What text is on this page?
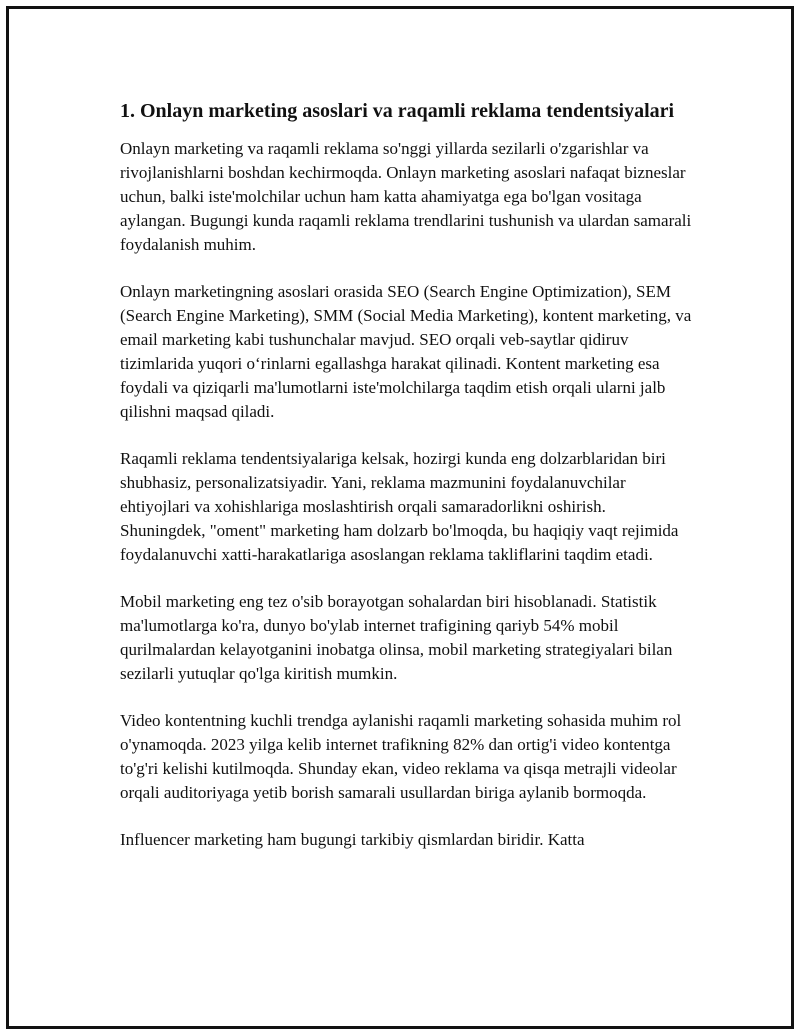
1. Onlayn marketing asoslari va raqamli reklama tendentsiyalari

Onlayn marketing va raqamli reklama so'nggi yillarda sezilarli o'zgarishlar va rivojlanishlarni boshdan kechirmoqda. Onlayn marketing asoslari nafaqat bizneslar uchun, balki iste'molchilar uchun ham katta ahamiyatga ega bo'lgan vositaga aylangan. Bugungi kunda raqamli reklama trendlarini tushunish va ulardan samarali foydalanish muhim.

Onlayn marketingning asoslari orasida SEO (Search Engine Optimization), SEM (Search Engine Marketing), SMM (Social Media Marketing), kontent marketing, va email marketing kabi tushunchalar mavjud. SEO orqali veb-saytlar qidiruv tizimlarida yuqori o‘rinlarni egallashga harakat qilinadi. Kontent marketing esa foydali va qiziqarli ma'lumotlarni iste'molchilarga taqdim etish orqali ularni jalb qilishni maqsad qiladi.

Raqamli reklama tendentsiyalariga kelsak, hozirgi kunda eng dolzarblaridan biri shubhasiz, personalizatsiyadir. Yani, reklama mazmunini foydalanuvchilar ehtiyojlari va xohishlariga moslashtirish orqali samaradorlikni oshirish. Shuningdek, "oment" marketing ham dolzarb bo'lmoqda, bu haqiqiy vaqt rejimida foydalanuvchi xatti-harakatlariga asoslangan reklama takliflarini taqdim etadi.

Mobil marketing eng tez o'sib borayotgan sohalardan biri hisoblanadi. Statistik ma'lumotlarga ko'ra, dunyo bo'ylab internet trafigining qariyb 54% mobil qurilmalardan kelayotganini inobatga olinsa, mobil marketing strategiyalari bilan sezilarli yutuqlar qo'lga kiritish mumkin.

Video kontentning kuchli trendga aylanishi raqamli marketing sohasida muhim rol o'ynamoqda. 2023 yilga kelib internet trafikning 82% dan ortig'i video kontentga to'g'ri kelishi kutilmoqda. Shunday ekan, video reklama va qisqa metrajli videolar orqali auditoriyaga yetib borish samarali usullardan biriga aylanib bormoqda.

Influencer marketing ham bugungi tarkibiy qismlardan biridir. Katta
